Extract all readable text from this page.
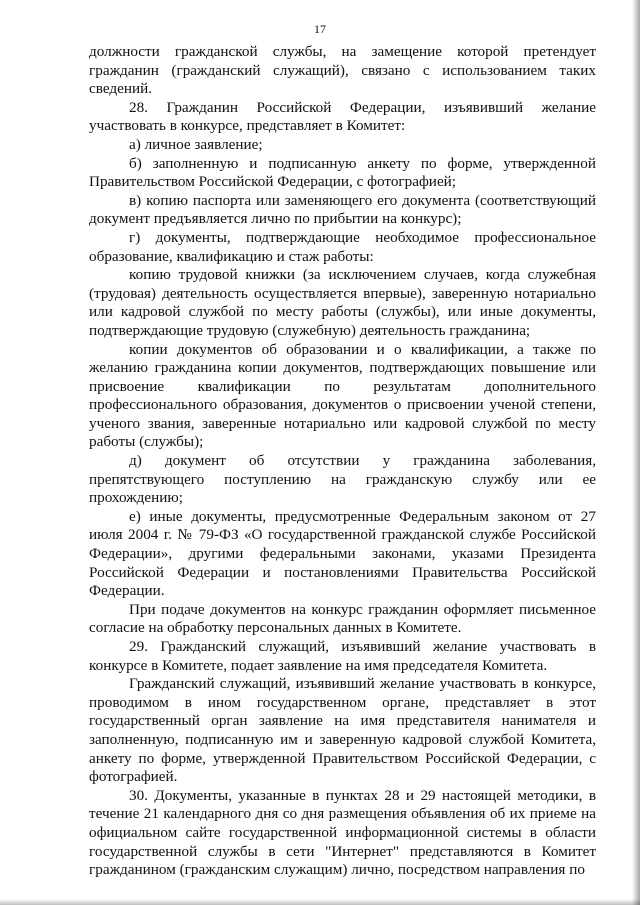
17

должности гражданской службы, на замещение которой претендует гражданин (гражданский служащий), связано с использованием таких сведений.

28. Гражданин Российской Федерации, изъявивший желание участвовать в конкурсе, представляет в Комитет:

а) личное заявление;

б) заполненную и подписанную анкету по форме, утвержденной Правительством Российской Федерации, с фотографией;

в) копию паспорта или заменяющего его документа (соответствующий документ предъявляется лично по прибытии на конкурс);

г) документы, подтверждающие необходимое профессиональное образование, квалификацию и стаж работы:

копию трудовой книжки (за исключением случаев, когда служебная (трудовая) деятельность осуществляется впервые), заверенную нотариально или кадровой службой по месту работы (службы), или иные документы, подтверждающие трудовую (служебную) деятельность гражданина;

копии документов об образовании и о квалификации, а также по желанию гражданина копии документов, подтверждающих повышение или присвоение квалификации по результатам дополнительного профессионального образования, документов о присвоении ученой степени, ученого звания, заверенные нотариально или кадровой службой по месту работы (службы);

д) документ об отсутствии у гражданина заболевания, препятствующего поступлению на гражданскую службу или ее прохождению;

е) иные документы, предусмотренные Федеральным законом от 27 июля 2004 г. № 79-ФЗ «О государственной гражданской службе Российской Федерации», другими федеральными законами, указами Президента Российской Федерации и постановлениями Правительства Российской Федерации.

При подаче документов на конкурс гражданин оформляет письменное согласие на обработку персональных данных в Комитете.

29. Гражданский служащий, изъявивший желание участвовать в конкурсе в Комитете, подает заявление на имя председателя Комитета.

Гражданский служащий, изъявивший желание участвовать в конкурсе, проводимом в ином государственном органе, представляет в этот государственный орган заявление на имя представителя нанимателя и заполненную, подписанную им и заверенную кадровой службой Комитета, анкету по форме, утвержденной Правительством Российской Федерации, с фотографией.

30. Документы, указанные в пунктах 28 и 29 настоящей методики, в течение 21 календарного дня со дня размещения объявления об их приеме на официальном сайте государственной информационной системы в области государственной службы в сети "Интернет" представляются в Комитет гражданином (гражданским служащим) лично, посредством направления по
